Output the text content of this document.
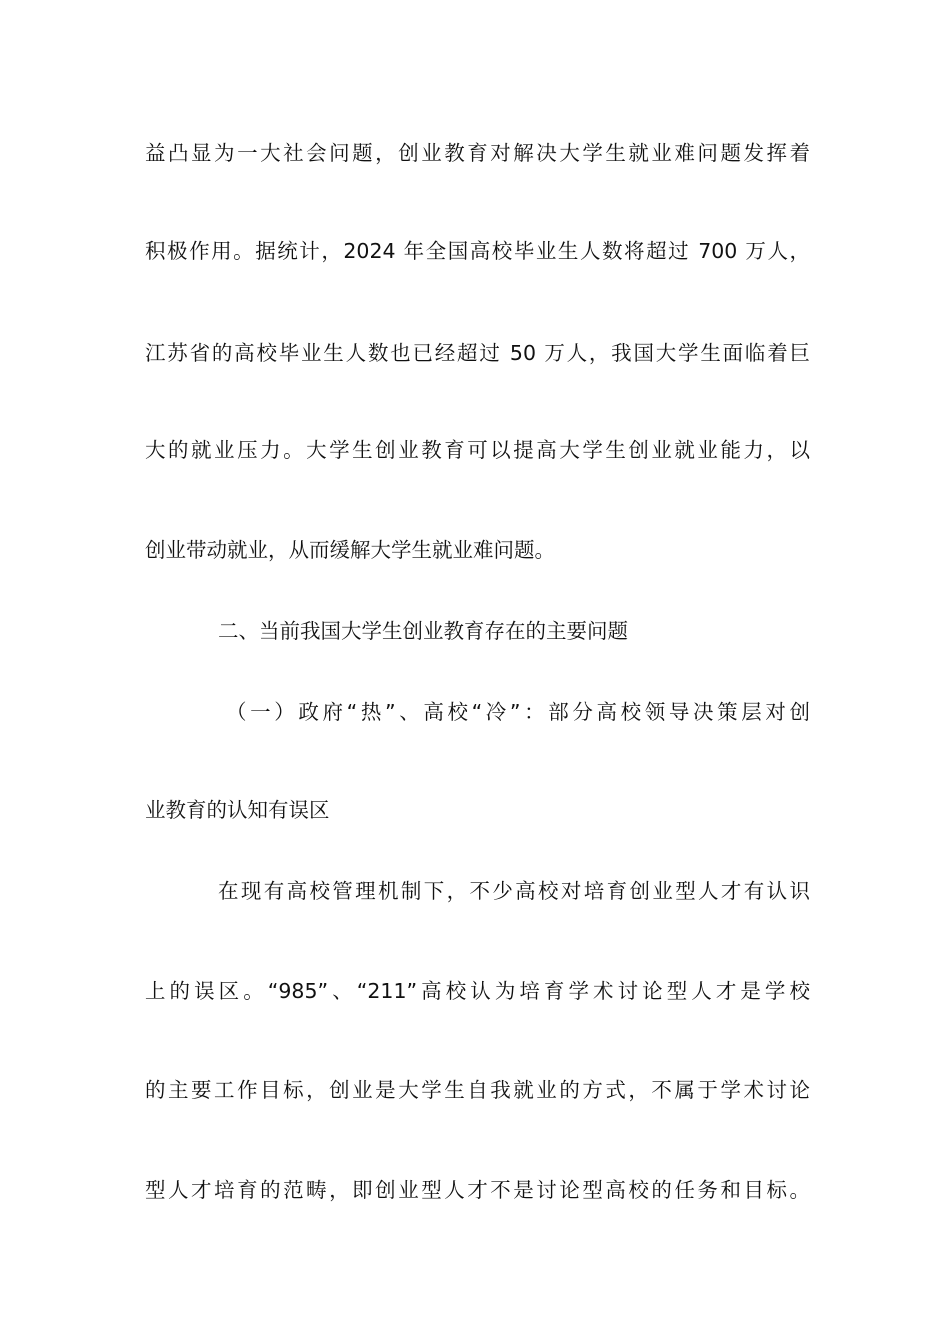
益凸显为一大社会问题，创业教育对解决大学生就业难问题发挥着
积极作用。据统计，2024 年全国高校毕业生人数将超过 700 万人，
江苏省的高校毕业生人数也已经超过 50 万人，我国大学生面临着巨
大的就业压力。大学生创业教育可以提高大学生创业就业能力，以
创业带动就业，从而缓解大学生就业难问题。
二、当前我国大学生创业教育存在的主要问题
（一）政府“热”、高校“冷”：部分高校领导决策层对创
业教育的认知有误区
在现有高校管理机制下，不少高校对培育创业型人才有认识
上的误区。“985”、“211”高校认为培育学术讨论型人才是学校
的主要工作目标，创业是大学生自我就业的方式，不属于学术讨论
型人才培育的范畴，即创业型人才不是讨论型高校的任务和目标。
